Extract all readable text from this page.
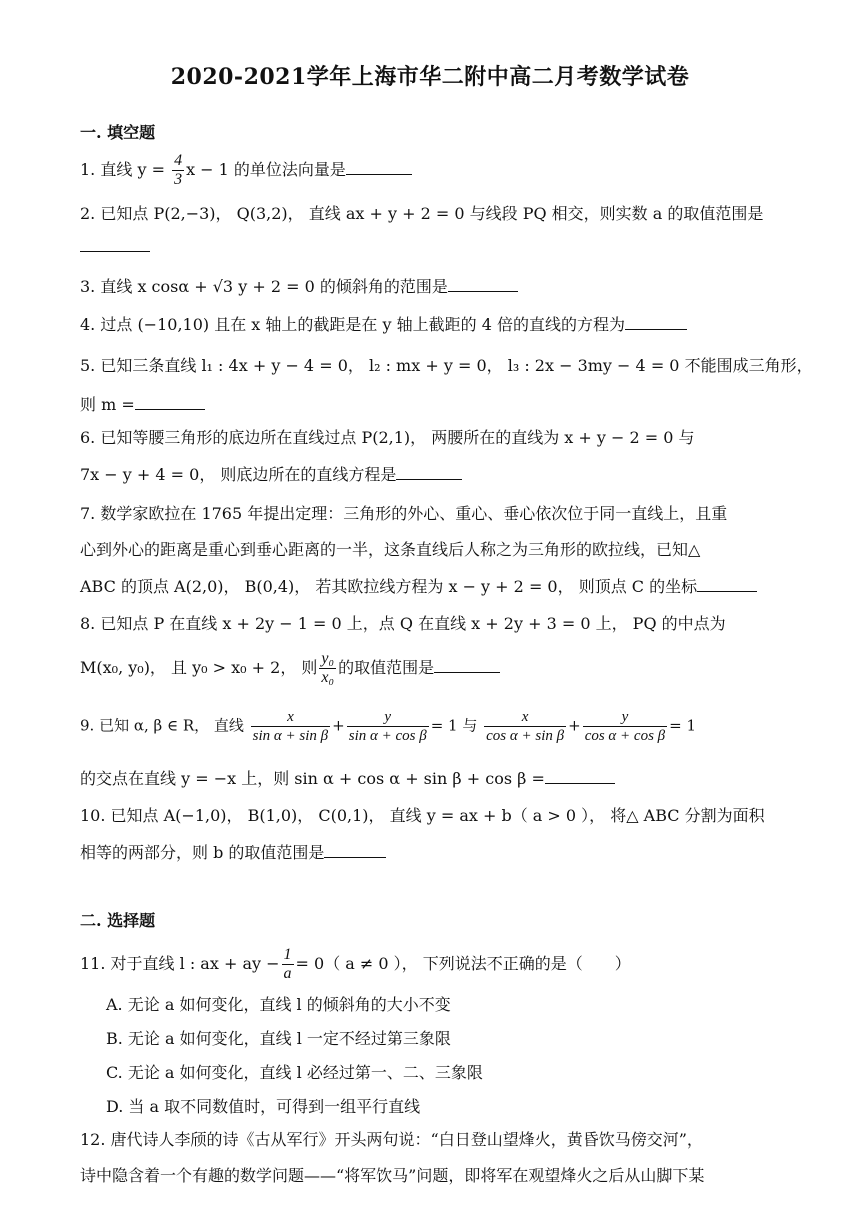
2020-2021学年上海市华二附中高二月考数学试卷
一. 填空题
1. 直线 $y = \frac{4}{3}$ x − 1 的单位法向量是
2. 已知点 P(2,−3)， Q(3,2)， 直线 ax + y + 2 = 0 与线段 PQ 相交，则实数 a 的取值范围是
3. 直线 x cosα + √3 y + 2 = 0 的倾斜角的范围是
4. 过点 (−10,10) 且在 x 轴上的截距是在 y 轴上截距的 4 倍的直线的方程为
5. 已知三条直线 l₁ : 4x + y − 4 = 0， l₂ : mx + y = 0， l₃ : 2x − 3my − 4 = 0 不能围成三角形，
则 m =
6. 已知等腰三角形的底边所在直线过点 P(2,1)， 两腰所在的直线为 x + y − 2 = 0 与
7x − y + 4 = 0， 则底边所在的直线方程是
7. 数学家欧拉在 1765 年提出定理：三角形的外心、重心、垂心依次位于同一直线上，且重
心到外心的距离是重心到垂心距离的一半，这条直线后人称之为三角形的欧拉线，已知△
ABC 的顶点 A(2,0)， B(0,4)， 若其欧拉线方程为 x − y + 2 = 0， 则顶点 C 的坐标
8. 已知点 P 在直线 x + 2y − 1 = 0 上，点 Q 在直线 x + 2y + 3 = 0 上， PQ 的中点为
M(x₀, y₀)， 且 y₀ > x₀ + 2， 则 $\frac{\text{y₀}}{\text{x₀}}$ 的取值范围是
9. 已知 α, β ∈ R， 直线 $\frac{x}{\text{sin α + sin β}} + \frac{y}{\text{sin α + cos β}} = 1$ 与 $\frac{x}{\text{cos α + sin β}} + \frac{y}{\text{cos α + cos β}} = 1$
的交点在直线 y = −x 上，则 sin α + cos α + sin β + cos β =
10. 已知点 A(−1,0)， B(1,0)， C(0,1)， 直线 y = ax + b（ a > 0 ）， 将△ ABC 分割为面积
相等的两部分，则 b 的取值范围是
二. 选择题
11. 对于直线 l : ax + ay − $\frac{1}{a} = 0$（ a ≠ 0 ）， 下列说法不正确的是（　　）
A. 无论 a 如何变化，直线 l 的倾斜角的大小不变
B. 无论 a 如何变化，直线 l 一定不经过第三象限
C. 无论 a 如何变化，直线 l 必经过第一、二、三象限
D. 当 a 取不同数值时，可得到一组平行直线
12. 唐代诗人李颀的诗《古从军行》开头两句说：“白日登山望烽火，黄昏饮马傍交河”，
诗中隐含着一个有趣的数学问题——“将军饮马”问题，即将军在观望烽火之后从山脚下某
